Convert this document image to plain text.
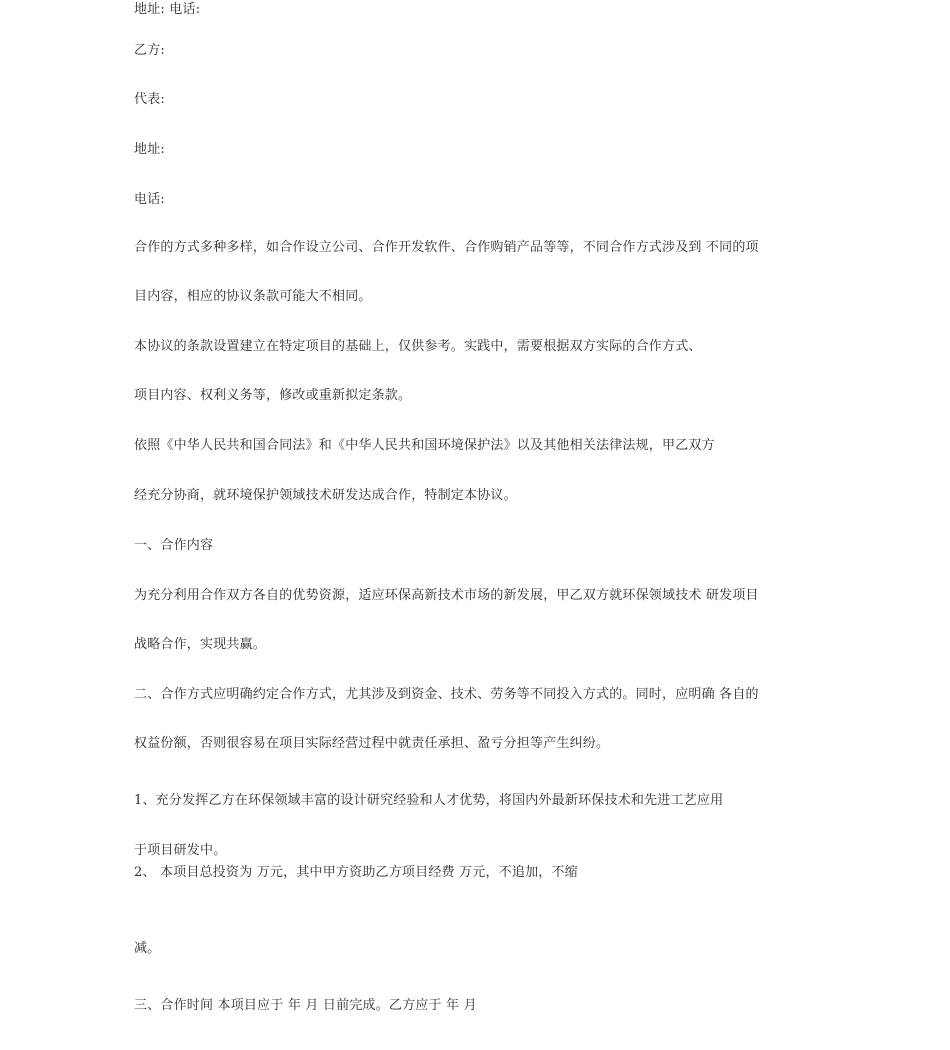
地址: 电话:
乙方:
代表:
地址:
电话:
合作的方式多种多样，如合作设立公司、合作开发软件、合作购销产品等等，不同合作方式涉及到 不同的项
目内容，相应的协议条款可能大不相同。
本协议的条款设置建立在特定项目的基础上，仅供参考。实践中，需要根据双方实际的合作方式、
项目内容、权利义务等，修改或重新拟定条款。
依照《中华人民共和国合同法》和《中华人民共和国环境保护法》以及其他相关法律法规，甲乙双方
经充分协商，就环境保护领域技术研发达成合作，特制定本协议。
一、合作内容
为充分利用合作双方各自的优势资源，适应环保高新技术市场的新发展，甲乙双方就环保领域技术 研发项目
战略合作，实现共赢。
二、合作方式应明确约定合作方式，尤其涉及到资金、技术、劳务等不同投入方式的。同时，应明确 各自的
权益份额，否则很容易在项目实际经营过程中就责任承担、盈亏分担等产生纠纷。
1、充分发挥乙方在环保领域丰富的设计研究经验和人才优势，将国内外最新环保技术和先进工艺应用
于项目研发中。
2、 本项目总投资为 万元，其中甲方资助乙方项目经费 万元，不追加，不缩
减。
三、合作时间 本项目应于 年 月 日前完成。乙方应于 年 月
